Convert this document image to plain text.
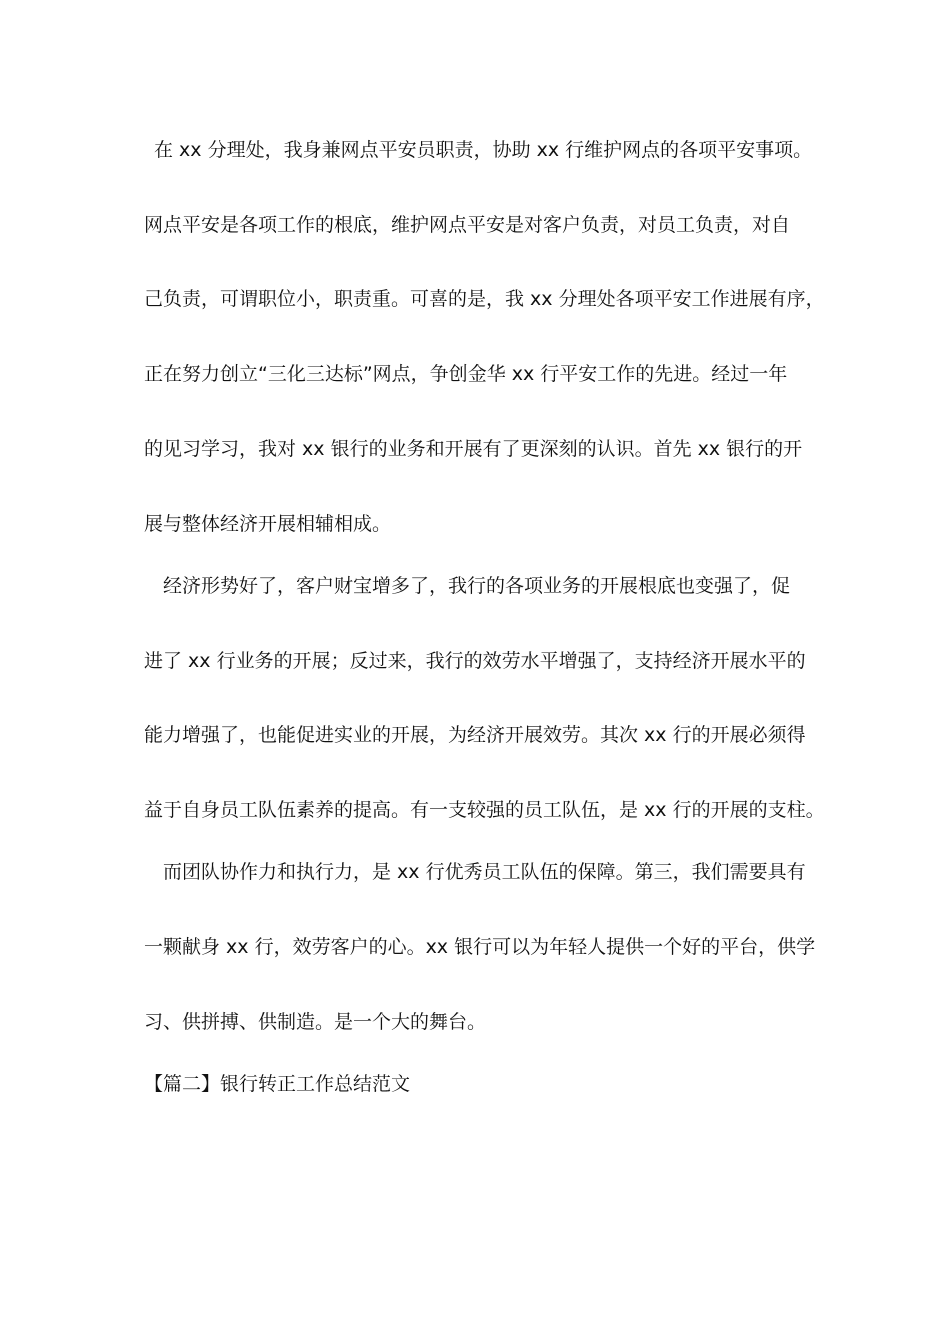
在 xx 分理处，我身兼网点平安员职责，协助 xx 行维护网点的各项平安事项。
网点平安是各项工作的根底，维护网点平安是对客户负责，对员工负责，对自
己负责，可谓职位小，职责重。可喜的是，我 xx 分理处各项平安工作进展有序，
正在努力创立“三化三达标”网点，争创金华 xx 行平安工作的先进。经过一年
的见习学习，我对 xx 银行的业务和开展有了更深刻的认识。首先 xx 银行的开
展与整体经济开展相辅相成。
经济形势好了，客户财宝增多了，我行的各项业务的开展根底也变强了，促
进了 xx 行业务的开展；反过来，我行的效劳水平增强了，支持经济开展水平的
能力增强了，也能促进实业的开展，为经济开展效劳。其次 xx 行的开展必须得
益于自身员工队伍素养的提高。有一支较强的员工队伍，是 xx 行的开展的支柱。
而团队协作力和执行力，是 xx 行优秀员工队伍的保障。第三，我们需要具有
一颗献身 xx 行，效劳客户的心。xx 银行可以为年轻人提供一个好的平台，供学
习、供拼搏、供制造。是一个大的舞台。
【篇二】银行转正工作总结范文
